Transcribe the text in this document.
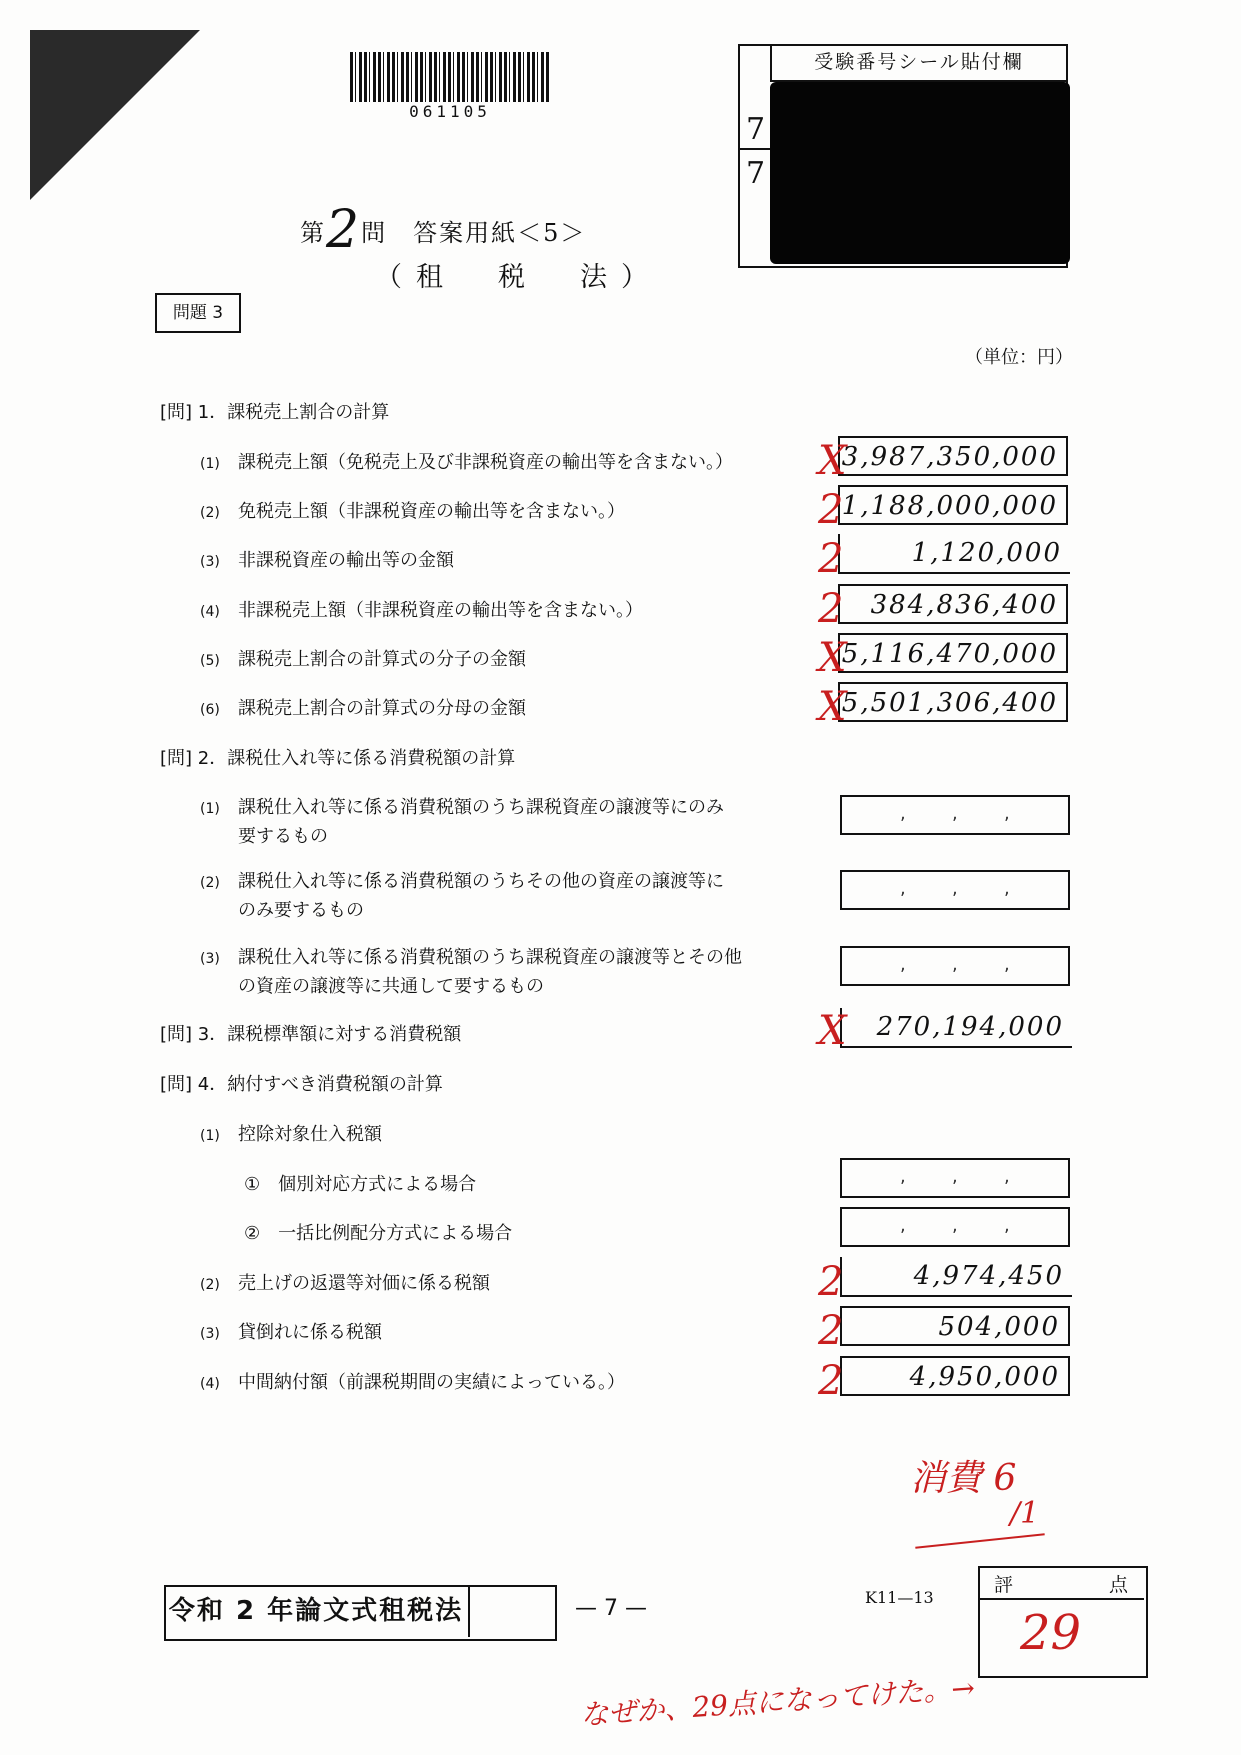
061105
受験番号シール貼付欄
7
7
第2問　答案用紙＜5＞
（租　税　法）
問題 3
（単位：円）
[問] 1．課税売上割合の計算
(1) 課税売上額（免税売上及び非課税資産の輸出等を含まない。）	3,987,350,000
X
(2) 免税売上額（非課税資産の輸出等を含まない。）	1,188,000,000
2
(3) 非課税資産の輸出等の金額	1,120,000
2
(4) 非課税売上額（非課税資産の輸出等を含まない。）	384,836,400
2
(5) 課税売上割合の計算式の分子の金額	5,116,470,000
X
(6) 課税売上割合の計算式の分母の金額	5,501,306,400
X
[問] 2．課税仕入れ等に係る消費税額の計算
(1) 課税仕入れ等に係る消費税額のうち課税資産の譲渡等にのみ
要するもの
,	,	,
(2) 課税仕入れ等に係る消費税額のうちその他の資産の譲渡等に
のみ要するもの
,	,	,
(3) 課税仕入れ等に係る消費税額のうち課税資産の譲渡等とその他
の資産の譲渡等に共通して要するもの
,	,	,
[問] 3．課税標準額に対する消費税額	270,194,000
X
[問] 4．納付すべき消費税額の計算
(1) 控除対象仕入税額
①　 個別対応方式による場合	,	,	,
②　 一括比例配分方式による場合	,	,	,
(2) 売上げの返還等対価に係る税額	4,974,450
2
(3) 貸倒れに係る税額	504,000
2
(4) 中間納付額（前課税期間の実績によっている。）	4,950,000
2
消費 6
/1
令和 2 年論文式租税法	— 7 —	K11—13
評	点
29
なぜか、29点になってけた。→
